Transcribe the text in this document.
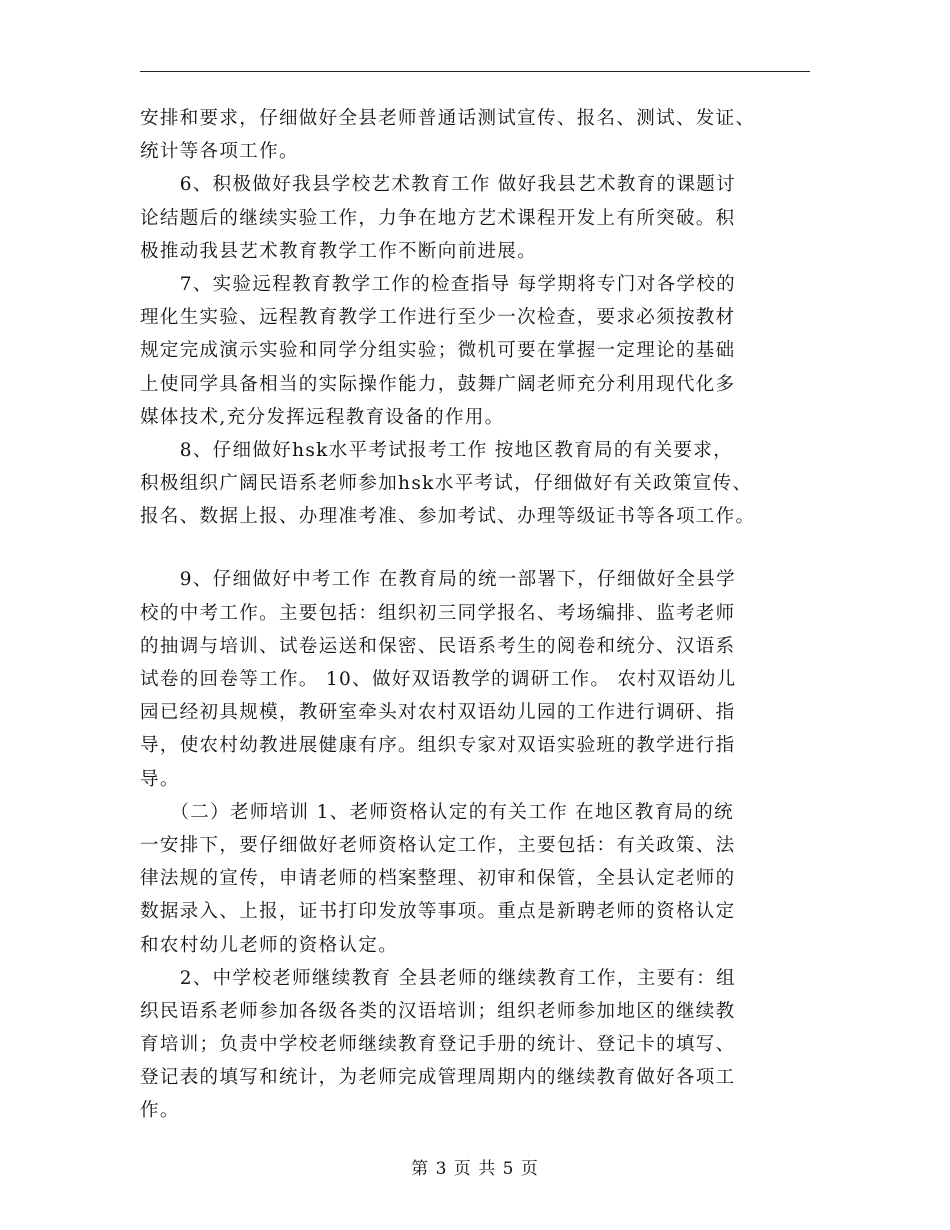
安排和要求，仔细做好全县老师普通话测试宣传、报名、测试、发证、
统计等各项工作。
　　6、积极做好我县学校艺术教育工作 做好我县艺术教育的课题讨
论结题后的继续实验工作，力争在地方艺术课程开发上有所突破。积
极推动我县艺术教育教学工作不断向前进展。
　　7、实验远程教育教学工作的检查指导 每学期将专门对各学校的
理化生实验、远程教育教学工作进行至少一次检查，要求必须按教材
规定完成演示实验和同学分组实验；微机可要在掌握一定理论的基础
上使同学具备相当的实际操作能力，鼓舞广阔老师充分利用现代化多
媒体技术,充分发挥远程教育设备的作用。
　　8、仔细做好hsk水平考试报考工作 按地区教育局的有关要求，
积极组织广阔民语系老师参加hsk水平考试，仔细做好有关政策宣传、
报名、数据上报、办理准考准、参加考试、办理等级证书等各项工作。
　　9、仔细做好中考工作 在教育局的统一部署下，仔细做好全县学
校的中考工作。主要包括：组织初三同学报名、考场编排、监考老师
的抽调与培训、试卷运送和保密、民语系考生的阅卷和统分、汉语系
试卷的回卷等工作。 10、做好双语教学的调研工作。 农村双语幼儿
园已经初具规模，教研室牵头对农村双语幼儿园的工作进行调研、指
导，使农村幼教进展健康有序。组织专家对双语实验班的教学进行指
导。
　　（二）老师培训 1、老师资格认定的有关工作 在地区教育局的统
一安排下，要仔细做好老师资格认定工作，主要包括：有关政策、法
律法规的宣传，申请老师的档案整理、初审和保管，全县认定老师的
数据录入、上报，证书打印发放等事项。重点是新聘老师的资格认定
和农村幼儿老师的资格认定。
　　2、中学校老师继续教育 全县老师的继续教育工作，主要有：组
织民语系老师参加各级各类的汉语培训；组织老师参加地区的继续教
育培训；负责中学校老师继续教育登记手册的统计、登记卡的填写、
登记表的填写和统计，为老师完成管理周期内的继续教育做好各项工
作。
第 3 页 共 5 页
